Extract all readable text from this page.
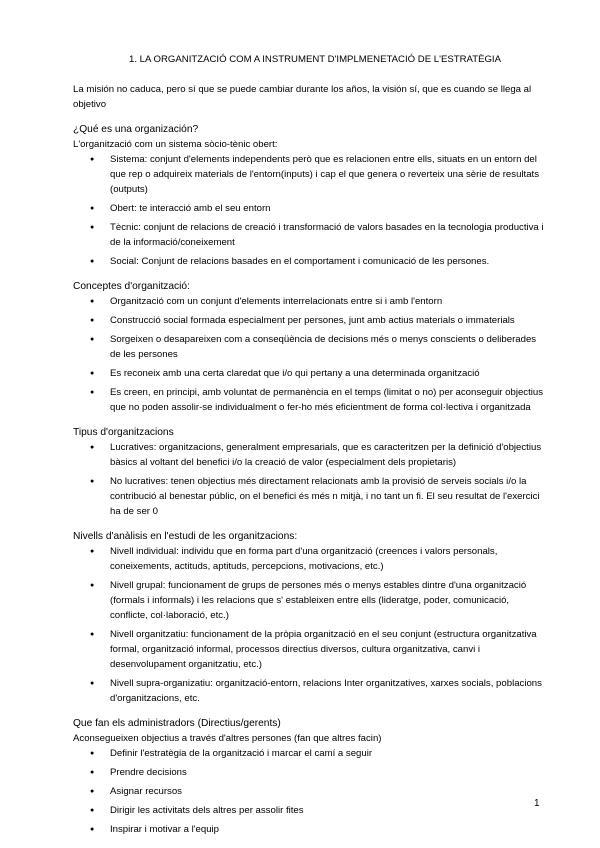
1. LA ORGANITZACIÓ COM A INSTRUMENT D'IMPLMENETACIÓ DE L'ESTRATÈGIA
La misión no caduca, pero sí que se puede cambiar durante los años, la visión sí, que es cuando se llega al objetivo
¿Qué es una organización?
L'organització com un sistema sòcio-tènic obert:
● Sistema: conjunt d'elements independents però que es relacionen entre ells, situats en un entorn del que rep o adquireix materials de l'entorn(inputs) i cap el que genera o reverteix una sèrie de resultats (outputs)
● Obert: te interacció amb el seu entorn
● Tècnic: conjunt de relacions de creació i transformació de valors basades en la tecnologia productiva i de la informació/coneixement
● Social: Conjunt de relacions basades en el comportament i comunicació de les persones.
Conceptes d'organització:
● Organització com un conjunt d'elements interrelacionats entre si i amb l'entorn
● Construcció social formada especialment per persones, junt amb actius materials o immaterials
● Sorgeixen o desapareixen com a conseqüència de decisions més o menys conscients o deliberades de les persones
● Es reconeix amb una certa claredat que i/o qui pertany a una determinada organització
● Es creen, en principi, amb voluntat de permanència en el temps (limitat o no) per aconseguir objectius que no poden assolir-se individualment o fer-ho més eficientment de forma col·lectiva i organitzada
Tipus d'organitzacions
● Lucratives: organitzacions, generalment empresarials, que es caracteritzen per la definició d'objectius bàsics al voltant del benefici i/o la creació de valor (especialment dels propietaris)
● No lucratives: tenen objectius més directament relacionats amb la provisió de serveis socials i/o la contribució al benestar públic, on el benefici és més n mitjà, i no tant un fi. El seu resultat de l'exercici ha de ser 0
Nivells d'anàlisis en l'estudi de les organitzacions:
● Nivell individual: individu que en forma part d'una organització (creences i valors personals, coneixements, actituds, aptituds, percepcions, motivacions, etc.)
● Nivell grupal: funcionament de grups de persones més o menys estables dintre d'una organització (formals i informals) i les relacions que s' estableixen entre ells (lideratge, poder, comunicació, conflicte, col·laboració, etc.)
● Nivell organitzatiu: funcionament de la pròpia organització en el seu conjunt (estructura organitzativa formal, organització informal, processos directius diversos, cultura organitzativa, canvi i desenvolupament organitzatiu, etc.)
● Nivell supra-organizatiu: organització-entorn, relacions Inter organitzatives, xarxes socials, poblacions d'organitzacions, etc.
Que fan els administradors (Directius/gerents)
Aconsegueixen objectius a través d'altres persones (fan que altres facin)
● Definir l'estratègia de la organització i marcar el camí a seguir
● Prendre decisions
● Asignar recursos
● Dirigir les activitats dels altres per assolir fites
● Inspirar i motivar a l'equip
1
